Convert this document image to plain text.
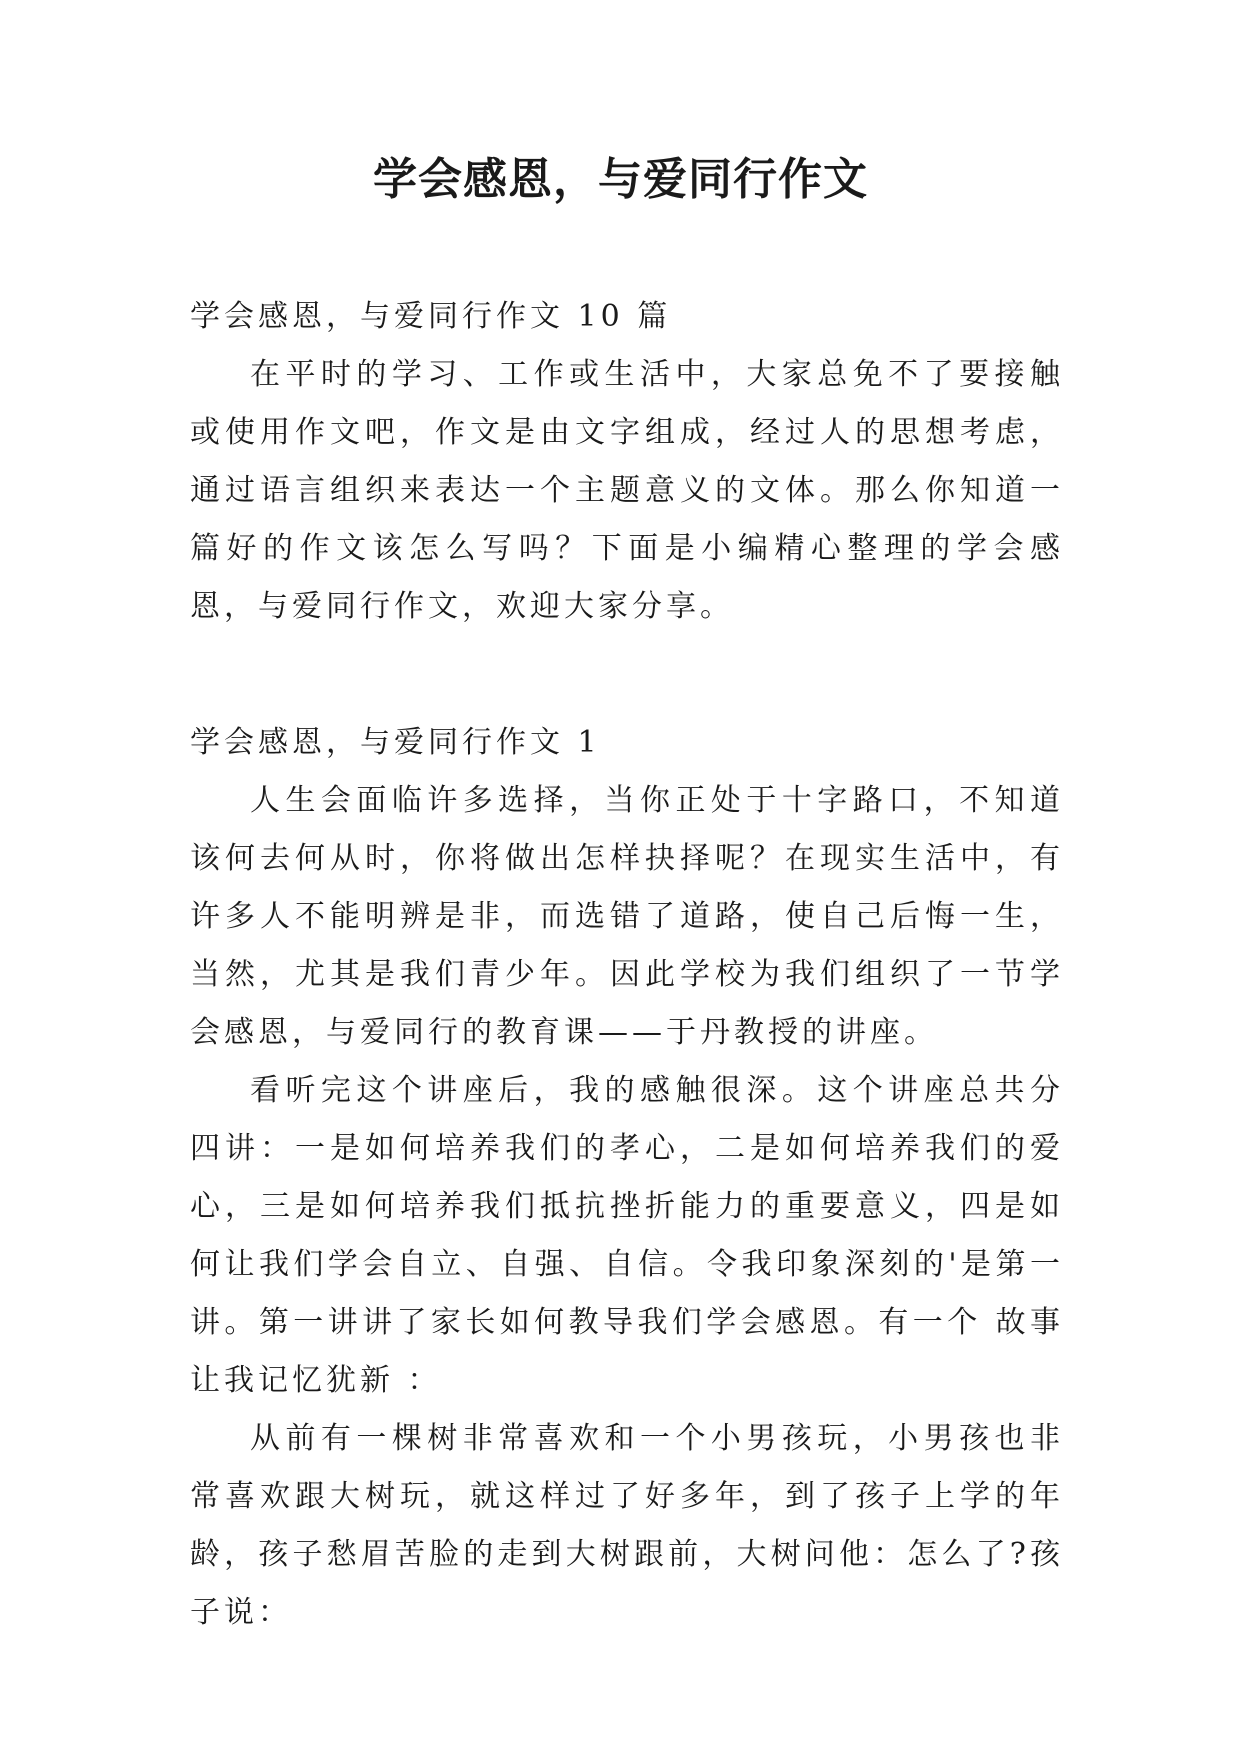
学会感恩，与爱同行作文

学会感恩，与爱同行作文 10 篇

在平时的学习、工作或生活中，大家总免不了要接触或使用作文吧，作文是由文字组成，经过人的思想考虑，通过语言组织来表达一个主题意义的文体。那么你知道一篇好的作文该怎么写吗？下面是小编精心整理的学会感恩，与爱同行作文，欢迎大家分享。

学会感恩，与爱同行作文 1

人生会面临许多选择，当你正处于十字路口，不知道该何去何从时，你将做出怎样抉择呢？在现实生活中，有许多人不能明辨是非，而选错了道路，使自己后悔一生， 当然，尤其是我们青少年。因此学校为我们组织了一节学会感恩，与爱同行的教育课——于丹教授的讲座。

看听完这个讲座后，我的感触很深。这个讲座总共分四讲：一是如何培养我们的孝心，二是如何培养我们的爱心，三是如何培养我们抵抗挫折能力的重要意义，四是如何让我们学会自立、自强、自信。令我印象深刻的'是第一讲。第一讲讲了家长如何教导我们学会感恩。有一个 故事让我记忆犹新 ：

从前有一棵树非常喜欢和一个小男孩玩，小男孩也非常喜欢跟大树玩，就这样过了好多年，到了孩子上学的年龄，孩子愁眉苦脸的走到大树跟前，大树问他：怎么了?孩子说：
